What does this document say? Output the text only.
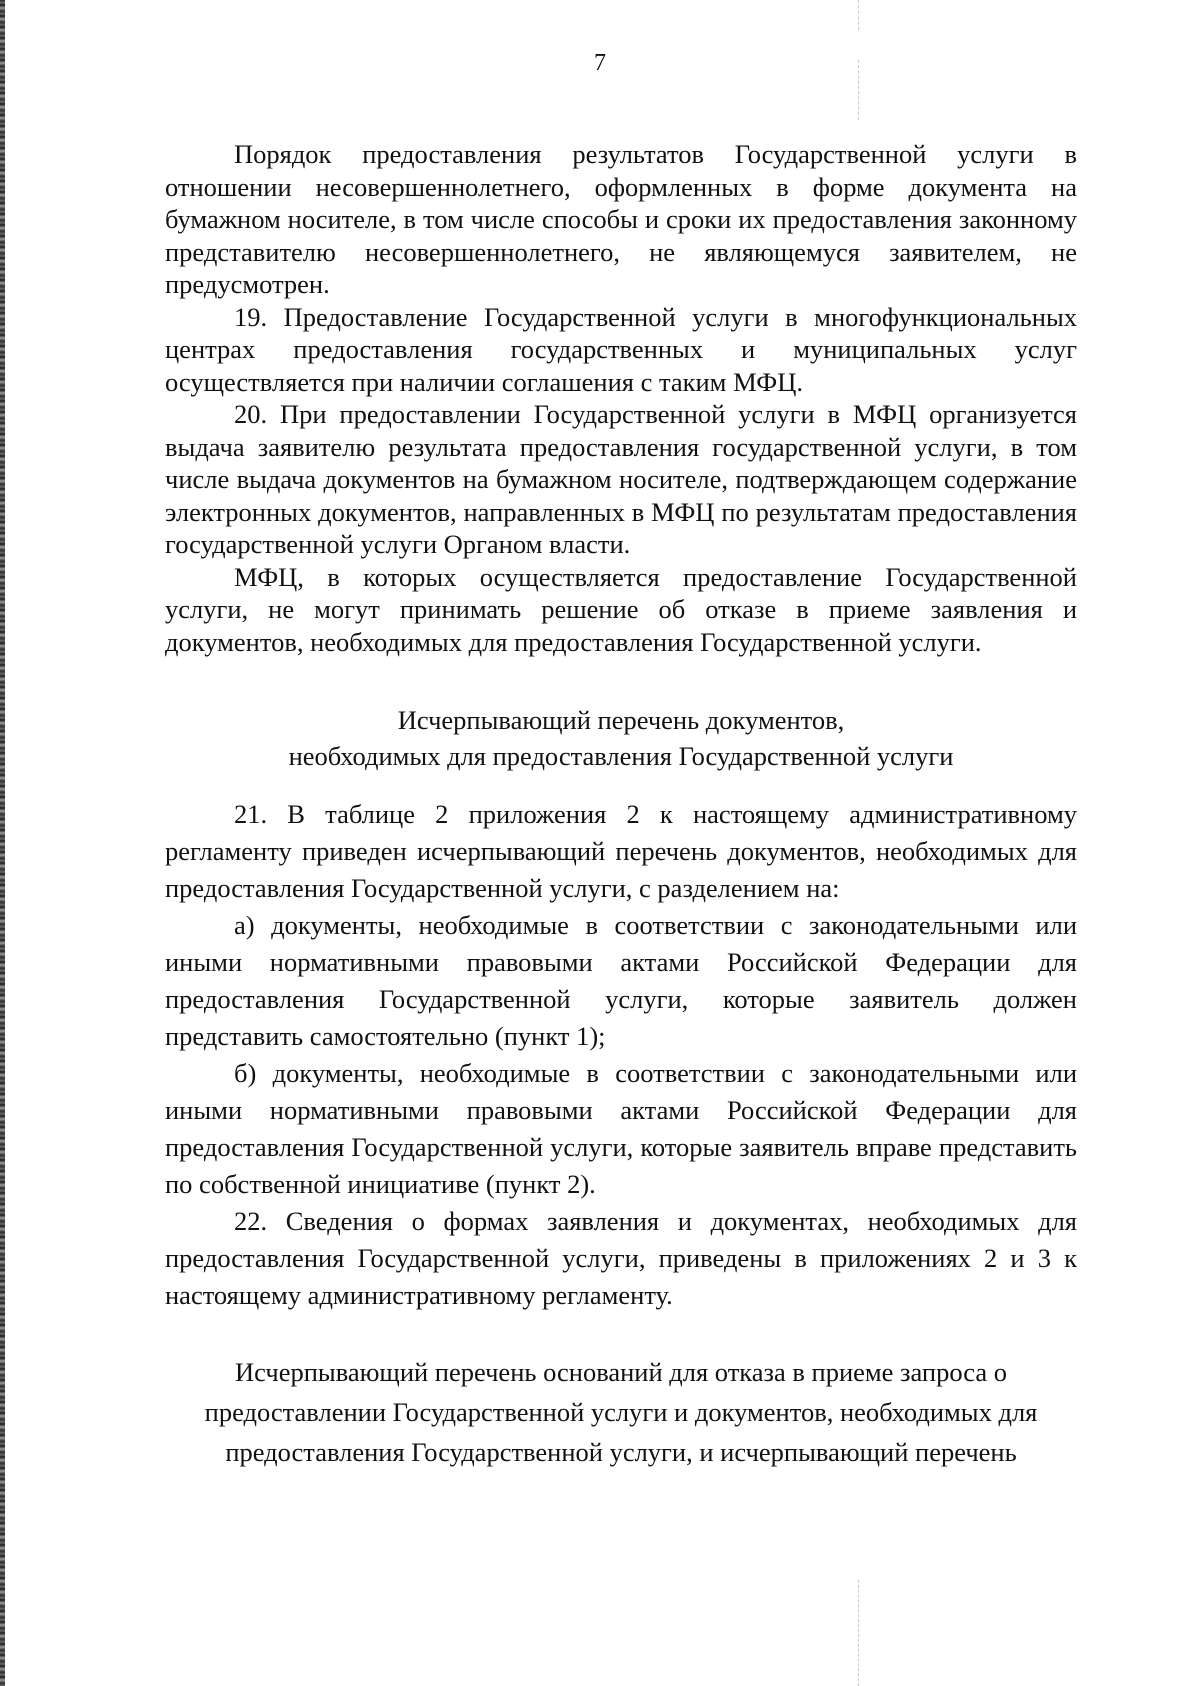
7

Порядок предоставления результатов Государственной услуги в отношении несовершеннолетнего, оформленных в форме документа на бумажном носителе, в том числе способы и сроки их предоставления законному представителю несовершеннолетнего, не являющемуся заявителем, не предусмотрен.

19. Предоставление Государственной услуги в многофункциональных центрах предоставления государственных и муниципальных услуг осуществляется при наличии соглашения с таким МФЦ.

20. При предоставлении Государственной услуги в МФЦ организуется выдача заявителю результата предоставления государственной услуги, в том числе выдача документов на бумажном носителе, подтверждающем содержание электронных документов, направленных в МФЦ по результатам предоставления государственной услуги Органом власти.

МФЦ, в которых осуществляется предоставление Государственной услуги, не могут принимать решение об отказе в приеме заявления и документов, необходимых для предоставления Государственной услуги.

Исчерпывающий перечень документов,
необходимых для предоставления Государственной услуги

21. В таблице 2 приложения 2 к настоящему административному регламенту приведен исчерпывающий перечень документов, необходимых для предоставления Государственной услуги, с разделением на:

а) документы, необходимые в соответствии с законодательными или иными нормативными правовыми актами Российской Федерации для предоставления Государственной услуги, которые заявитель должен представить самостоятельно (пункт 1);

б) документы, необходимые в соответствии с законодательными или иными нормативными правовыми актами Российской Федерации для предоставления Государственной услуги, которые заявитель вправе представить по собственной инициативе (пункт 2).

22. Сведения о формах заявления и документах, необходимых для предоставления Государственной услуги, приведены в приложениях 2 и 3 к настоящему административному регламенту.

Исчерпывающий перечень оснований для отказа в приеме запроса о
предоставлении Государственной услуги и документов, необходимых для
предоставления Государственной услуги, и исчерпывающий перечень
